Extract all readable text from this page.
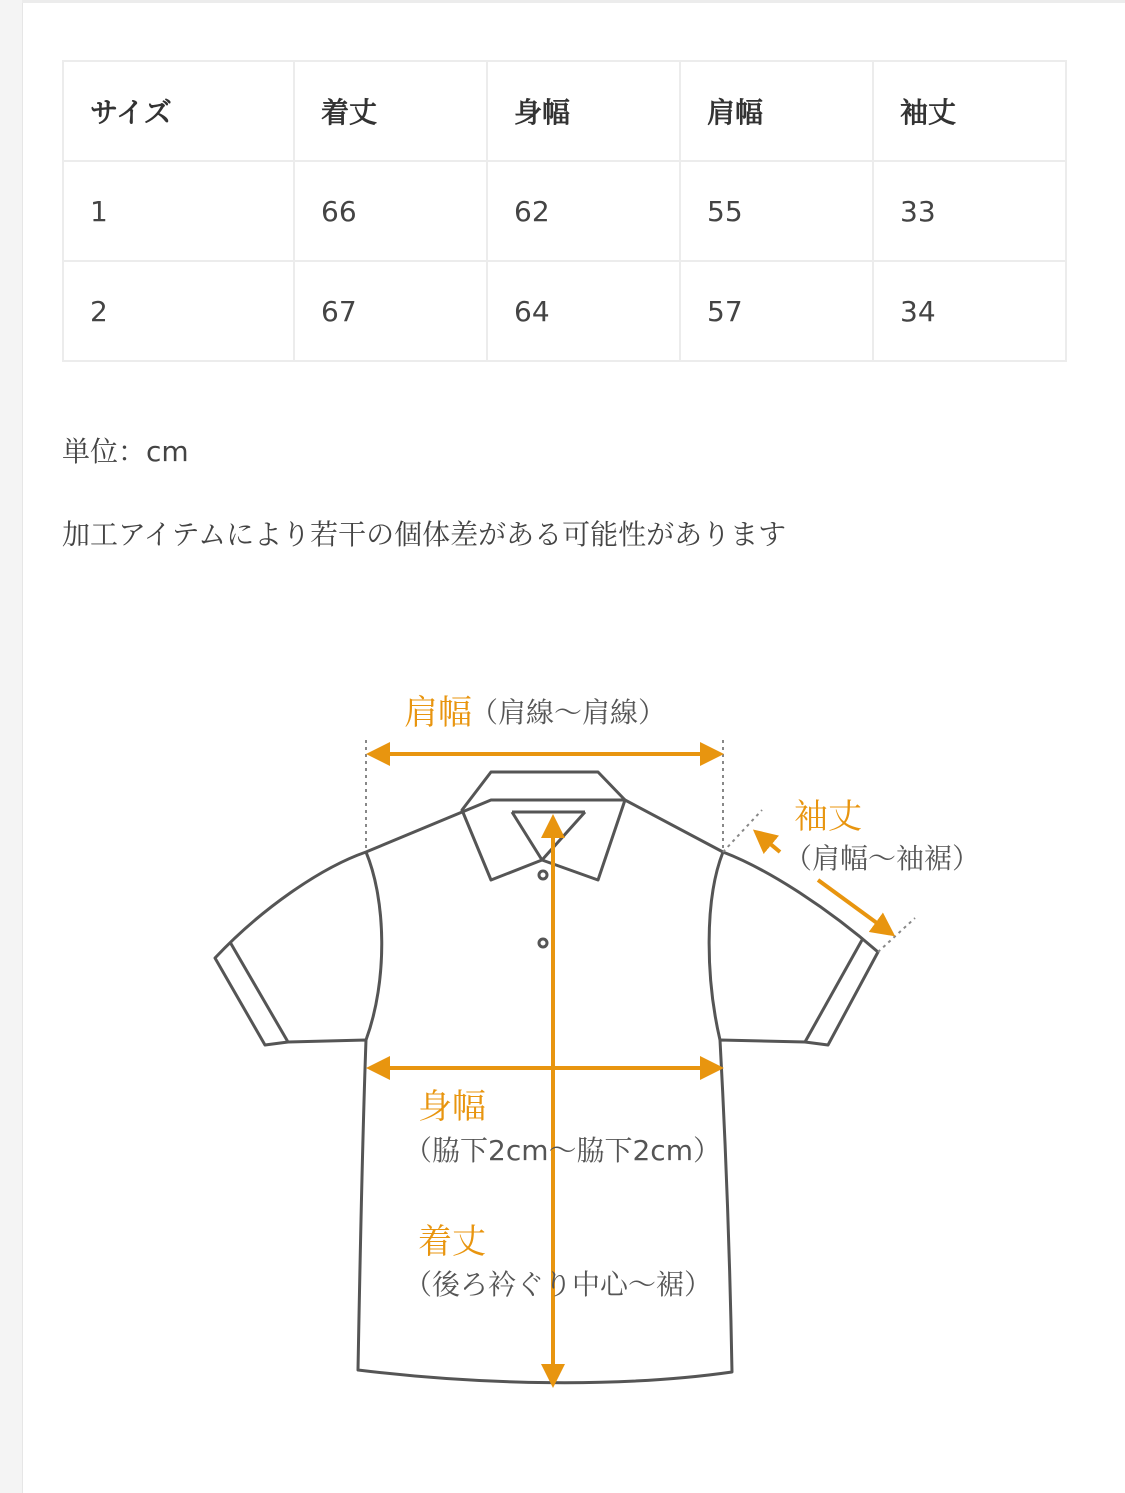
サイズ	着丈	身幅	肩幅	袖丈
1	66	62	55	33
2	67	64	57	34
単位：cm
加工アイテムにより若干の個体差がある可能性があります
肩幅
（肩線～肩線）
袖丈
（肩幅～袖裾）
身幅
（脇下2cm～脇下2cm）
着丈
（後ろ衿ぐり中心～裾）
